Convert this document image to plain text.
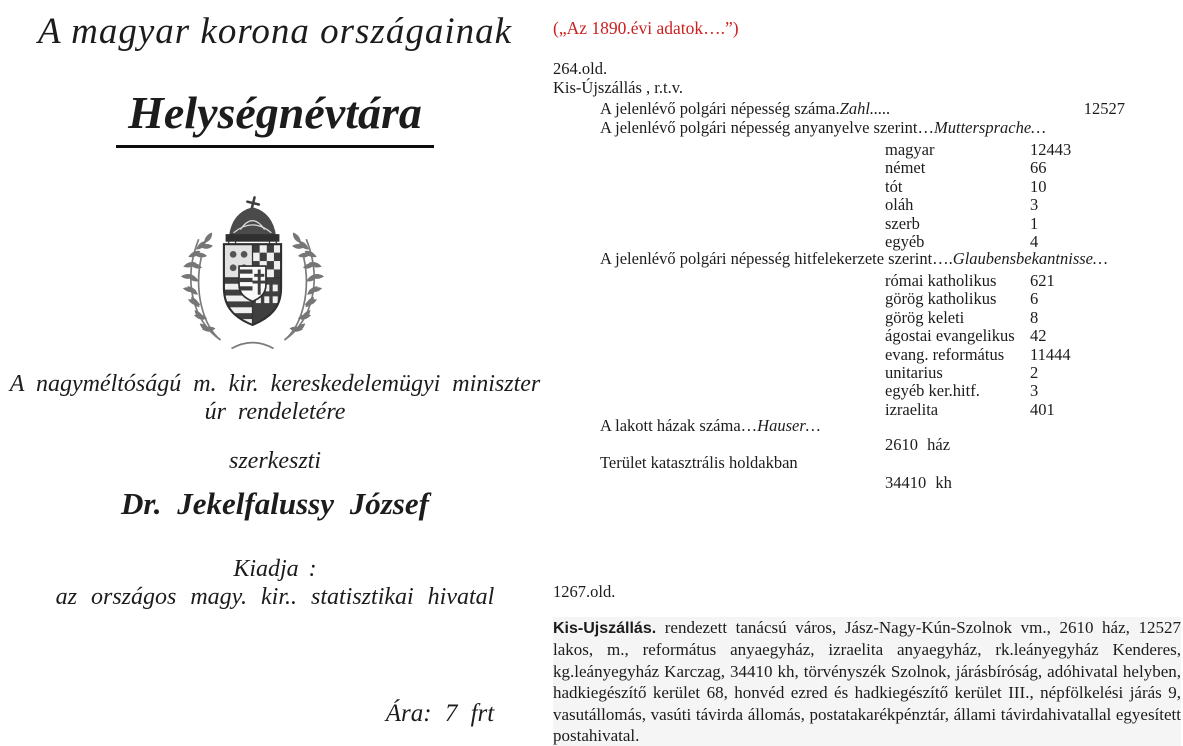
A magyar korona országainak
Helységnévtára
A nagyméltóságú m. kir. kereskedelemügyi miniszter
úr rendeletére
szerkeszti
Dr. Jekelfalussy József
Kiadja :
az országos magy. kir.. statisztikai hivatal
Ára: 7 frt
(„Az 1890.évi adatok….”)
264.old.
Kis-Újszállás , r.t.v.
A jelenlévő polgári népesség száma. Zahl.....	12527
A jelenlévő polgári népesség anyanyelve szerint… Muttersprache…
magyar	12443
német	66
tót	10
oláh	3
szerb	1
egyéb	4
A jelenlévő polgári népesség hitfelekerzete szerint…. Glaubensbekantnisse…
római katholikus 621
görög katholikus 6
görög keleti	8
ágostai evangelikus 42
evang. református 11444
unitarius	2
egyéb ker.hitf.	3
izraelita	401
A lakott házak száma… Hauser…
2610 ház
Terület katasztrális holdakban
34410 kh
1267.old.

Kis-Ujszállás. rendezett tanácsú város, Jász-Nagy-Kún-Szolnok vm., 2610 ház, 12527 lakos, m., református anyaegyház, izraelita anyaegyház, rk.leányegyház Kenderes, kg.leányegyház Karczag, 34410 kh, törvényszék Szolnok, járásbíróság, adóhivatal helyben, hadkiegészítő kerület 68, honvéd ezred és hadkiegészítő kerület III., népfölkelési járás 9, vasutállomás, vasúti távirda állomás, postatakarékpénztár, állami távirdahivatallal egyesített postahivatal.
